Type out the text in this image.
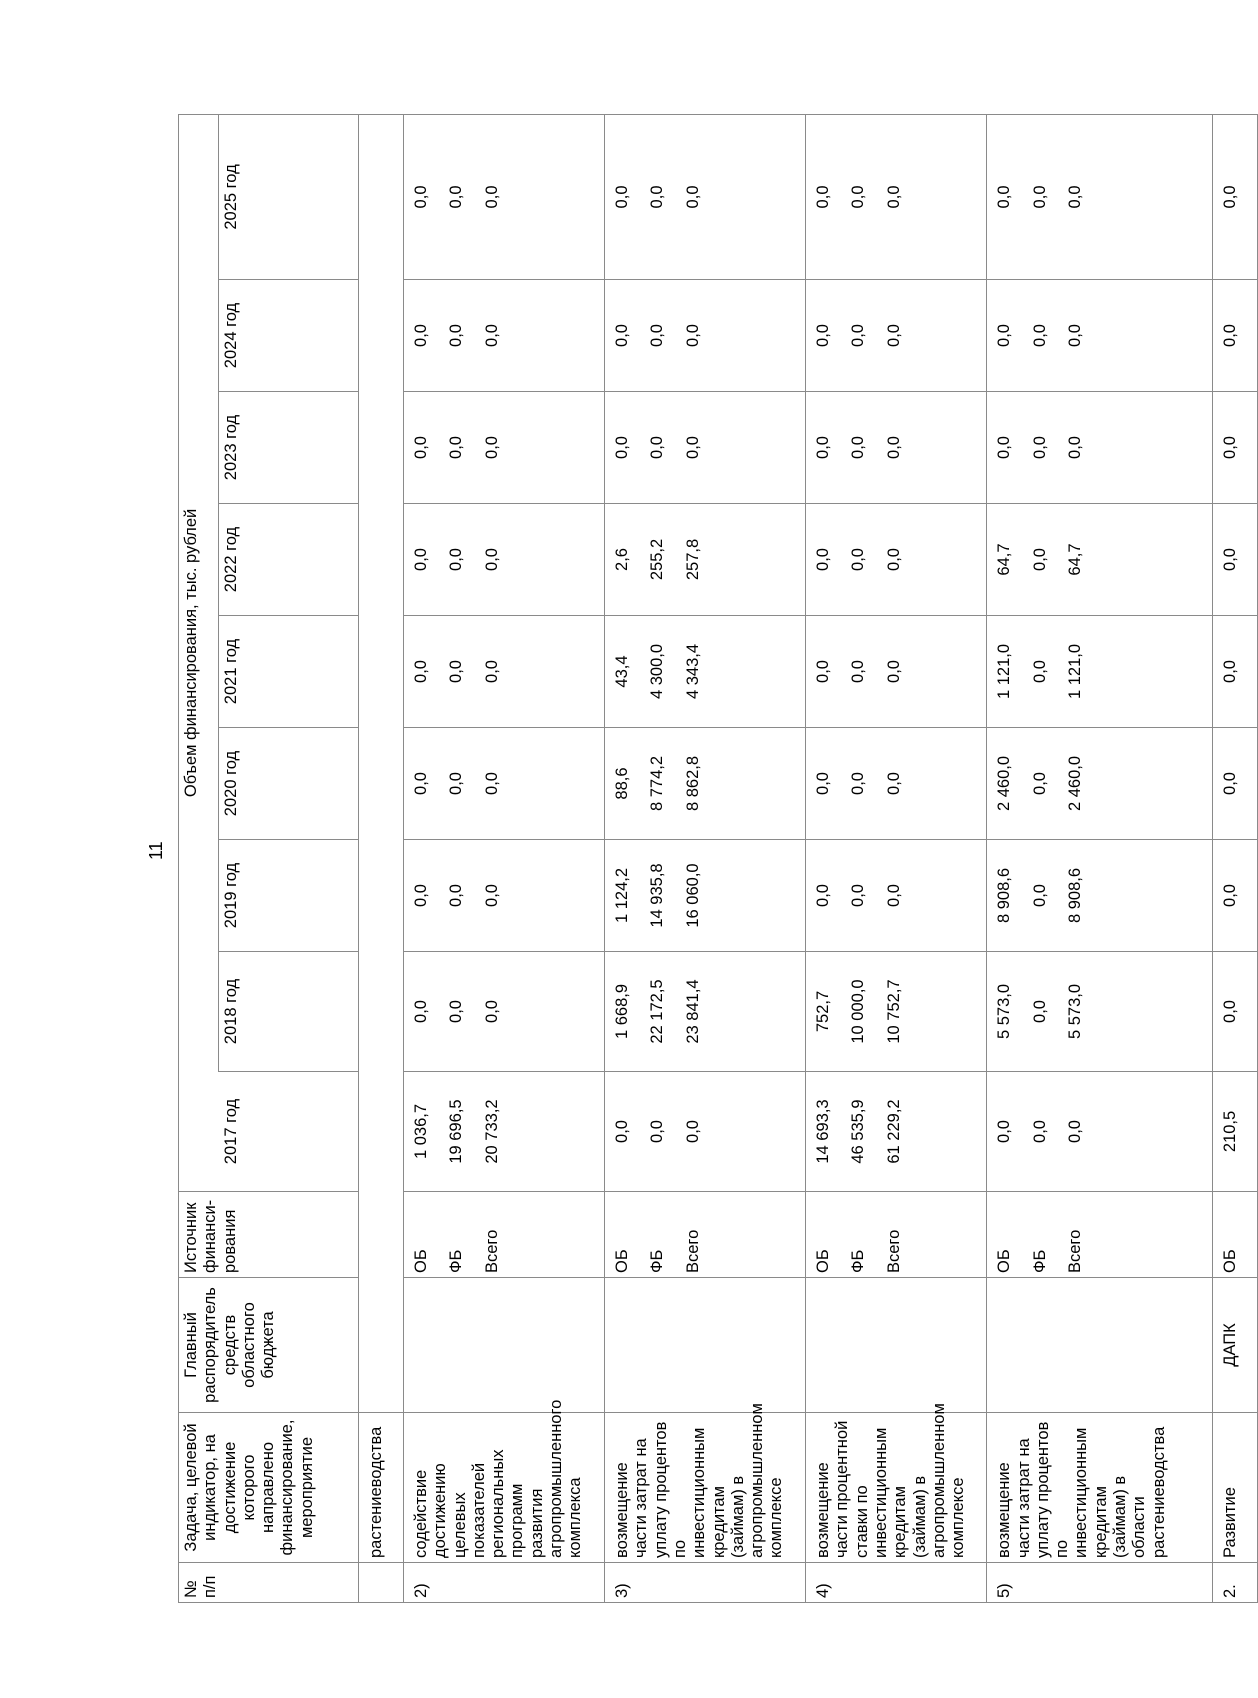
11
№ п/п	Задача, целевой индикатор, на достижение которого направлено финансирование, мероприятие	Главный распорядитель средств областного бюджета	Источник финанси-рования	Объем финансирования, тыс. рублей								
				2017 год	2018 год	2019 год	2020 год	2021 год	2022 год	2023 год	2024 год	2025 год
	растениеводства											
2)	содействие достижению целевых показателей региональных программ развития агропромышленного комплекса		ОБ	1 036,7	0,0	0,0	0,0	0,0	0,0	0,0	0,0	0,0
			ФБ	19 696,5	0,0	0,0	0,0	0,0	0,0	0,0	0,0	0,0
			Всего	20 733,2	0,0	0,0	0,0	0,0	0,0	0,0	0,0	0,0
3)	возмещение части затрат на уплату процентов по инвестиционным кредитам (займам) в агропромышленном комплексе		ОБ	0,0	1 668,9	1 124,2	88,6	43,4	2,6	0,0	0,0	0,0
			ФБ	0,0	22 172,5	14 935,8	8 774,2	4 300,0	255,2	0,0	0,0	0,0
			Всего	0,0	23 841,4	16 060,0	8 862,8	4 343,4	257,8	0,0	0,0	0,0
4)	возмещение части процентной ставки по инвестиционным кредитам (займам) в агропромышленном комплексе		ОБ	14 693,3	752,7	0,0	0,0	0,0	0,0	0,0	0,0	0,0
			ФБ	46 535,9	10 000,0	0,0	0,0	0,0	0,0	0,0	0,0	0,0
			Всего	61 229,2	10 752,7	0,0	0,0	0,0	0,0	0,0	0,0	0,0
5)	возмещение части затрат на уплату процентов по инвестиционным кредитам (займам) в области растениеводства		ОБ	0,0	5 573,0	8 908,6	2 460,0	1 121,0	64,7	0,0	0,0	0,0
			ФБ	0,0	0,0	0,0	0,0	0,0	0,0	0,0	0,0	0,0
			Всего	0,0	5 573,0	8 908,6	2 460,0	1 121,0	64,7	0,0	0,0	0,0
2.	Развитие	ДАПК	ОБ	210,5	0,0	0,0	0,0	0,0	0,0	0,0	0,0	0,0
